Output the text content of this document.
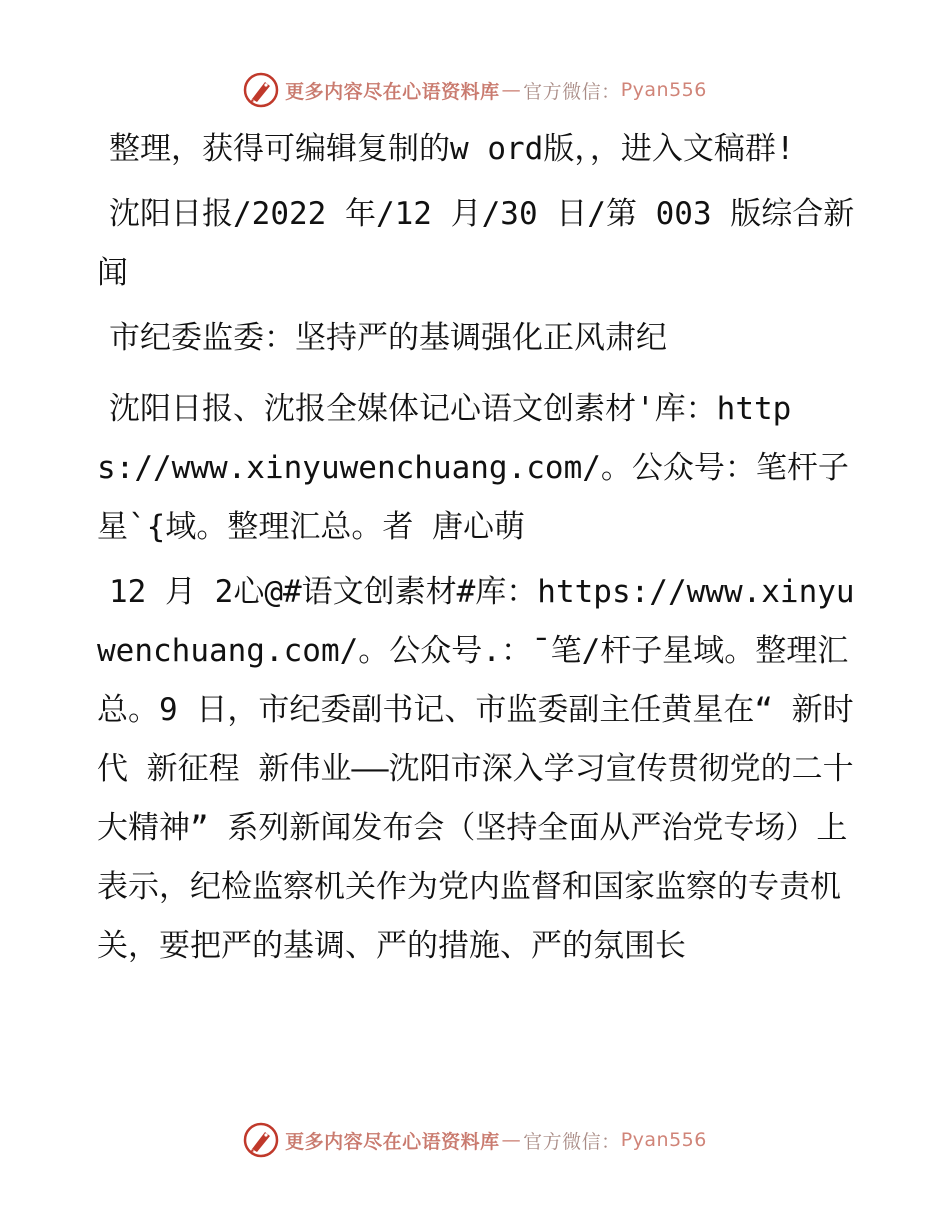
更多内容尽在心语资料库 — 官方微信： Pyan556

整理，获得可编辑复制的w ord版，，进入文稿群!

沈阳日报/2022 年/12 月/30 日/第 003 版综合新闻

市纪委监委：坚持严的基调强化正风肃纪

沈阳日报、沈报全媒体记心语文创素材'库：https://www.xinyuwenchuang.com/。公众号：笔杆子星`{域。整理汇总。者 唐心萌

12 月 2心@#语文创素材#库：https://www.xinyuwenchuang.com/。公众号.：¯笔/杆子星域。整理汇总。9 日，市纪委副书记、市监委副主任黄星在“ 新时代 新征程 新伟业——沈阳市深入学习宣传贯彻党的二十大精神” 系列新闻发布会（坚持全面从严治党专场）上表示，纪检监察机关作为党内监督和国家监察的专责机关，要把严的基调、严的措施、严的氛围长

更多内容尽在心语资料库 — 官方微信： Pyan556
